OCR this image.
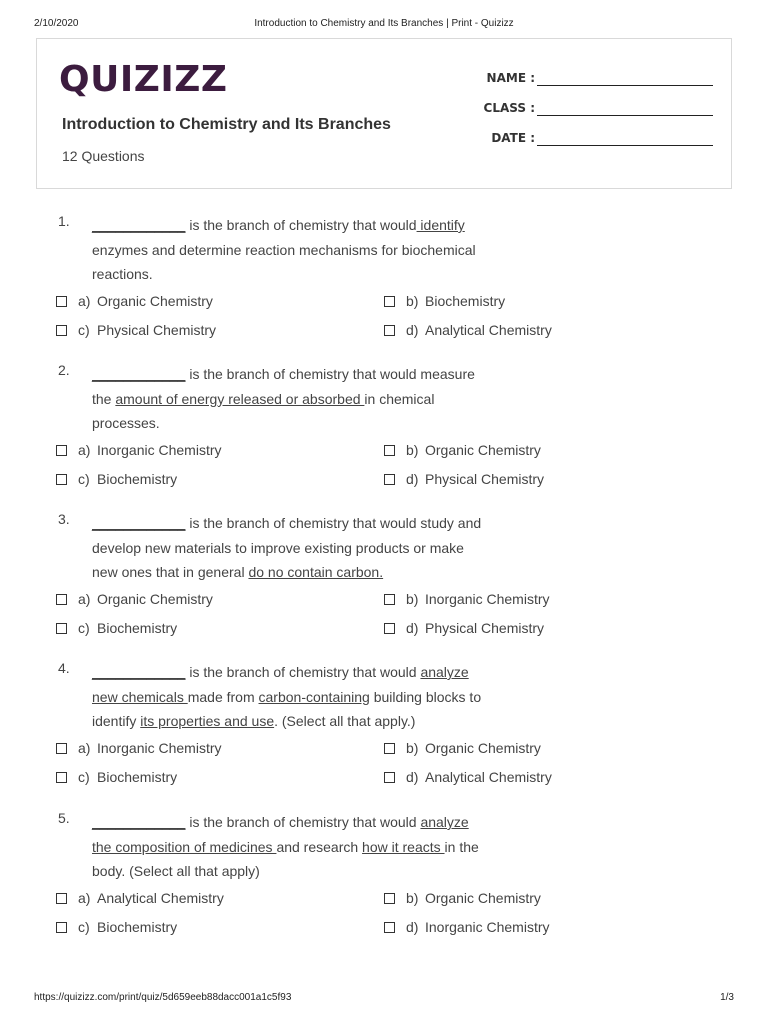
2/10/2020	Introduction to Chemistry and Its Branches | Print - Quizizz
QUIZIZZ
Introduction to Chemistry and Its Branches
12 Questions
NAME :
CLASS :
DATE :
1. ____________ is the branch of chemistry that would identify enzymes and determine reaction mechanisms for biochemical reactions.
a) Organic Chemistry	b) Biochemistry
c) Physical Chemistry	d) Analytical Chemistry
2. ____________ is the branch of chemistry that would measure the amount of energy released or absorbed in chemical processes.
a) Inorganic Chemistry	b) Organic Chemistry
c) Biochemistry	d) Physical Chemistry
3. ____________ is the branch of chemistry that would study and develop new materials to improve existing products or make new ones that in general do no contain carbon.
a) Organic Chemistry	b) Inorganic Chemistry
c) Biochemistry	d) Physical Chemistry
4. ____________ is the branch of chemistry that would analyze new chemicals made from carbon-containing building blocks to identify its properties and use. (Select all that apply.)
a) Inorganic Chemistry	b) Organic Chemistry
c) Biochemistry	d) Analytical Chemistry
5. ____________ is the branch of chemistry that would analyze the composition of medicines and research how it reacts in the body. (Select all that apply)
a) Analytical Chemistry	b) Organic Chemistry
c) Biochemistry	d) Inorganic Chemistry
https://quizizz.com/print/quiz/5d659eeb88dacc001a1c5f93	1/3
